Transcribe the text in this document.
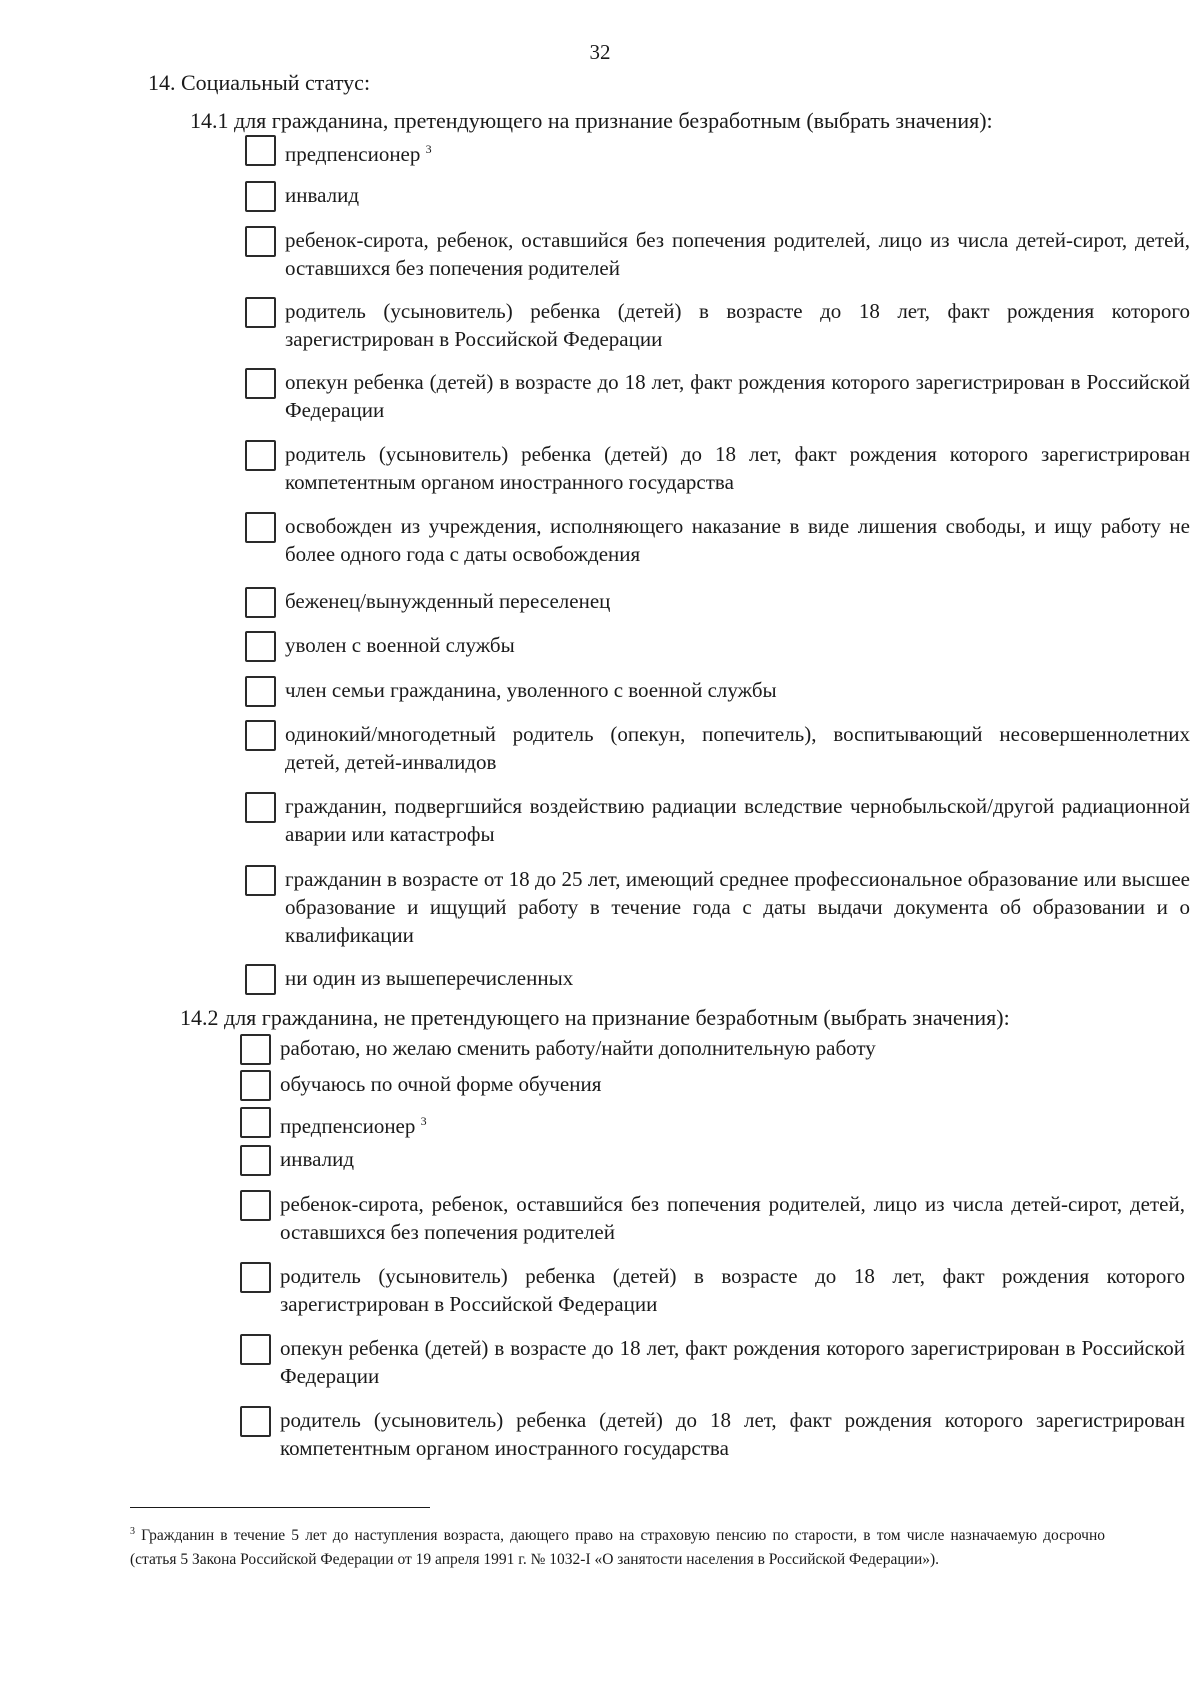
32
14. Социальный статус:
14.1 для гражданина, претендующего на признание безработным (выбрать значения):
предпенсионер $^3$
инвалид
ребенок-сирота, ребенок, оставшийся без попечения родителей, лицо из числа детей-сирот, детей, оставшихся без попечения родителей
родитель (усыновитель) ребенка (детей) в возрасте до 18 лет, факт рождения которого зарегистрирован в Российской Федерации
опекун ребенка (детей) в возрасте до 18 лет, факт рождения которого зарегистрирован в Российской Федерации
родитель (усыновитель) ребенка (детей) до 18 лет, факт рождения которого зарегистрирован компетентным органом иностранного государства
освобожден из учреждения, исполняющего наказание в виде лишения свободы, и ищу работу не более одного года с даты освобождения
беженец/вынужденный переселенец
уволен с военной службы
член семьи гражданина, уволенного с военной службы
одинокий/многодетный родитель (опекун, попечитель), воспитывающий несовершеннолетних детей, детей-инвалидов
гражданин, подвергшийся воздействию радиации вследствие чернобыльской/другой радиационной аварии или катастрофы
гражданин в возрасте от 18 до 25 лет, имеющий среднее профессиональное образование или высшее образование и ищущий работу в течение года с даты выдачи документа об образовании и о квалификации
ни один из вышеперечисленных
14.2 для гражданина, не претендующего на признание безработным (выбрать значения):
работаю, но желаю сменить работу/найти дополнительную работу
обучаюсь по очной форме обучения
предпенсионер $^3$
инвалид
ребенок-сирота, ребенок, оставшийся без попечения родителей, лицо из числа детей-сирот, детей, оставшихся без попечения родителей
родитель (усыновитель) ребенка (детей) в возрасте до 18 лет, факт рождения которого зарегистрирован в Российской Федерации
опекун ребенка (детей) в возрасте до 18 лет, факт рождения которого зарегистрирован в Российской Федерации
родитель (усыновитель) ребенка (детей) до 18 лет, факт рождения которого зарегистрирован компетентным органом иностранного государства
$^3$ Гражданин в течение 5 лет до наступления возраста, дающего право на страховую пенсию по старости, в том числе назначаемую досрочно (статья 5 Закона Российской Федерации от 19 апреля 1991 г. № 1032-I «О занятости населения в Российской Федерации»).
